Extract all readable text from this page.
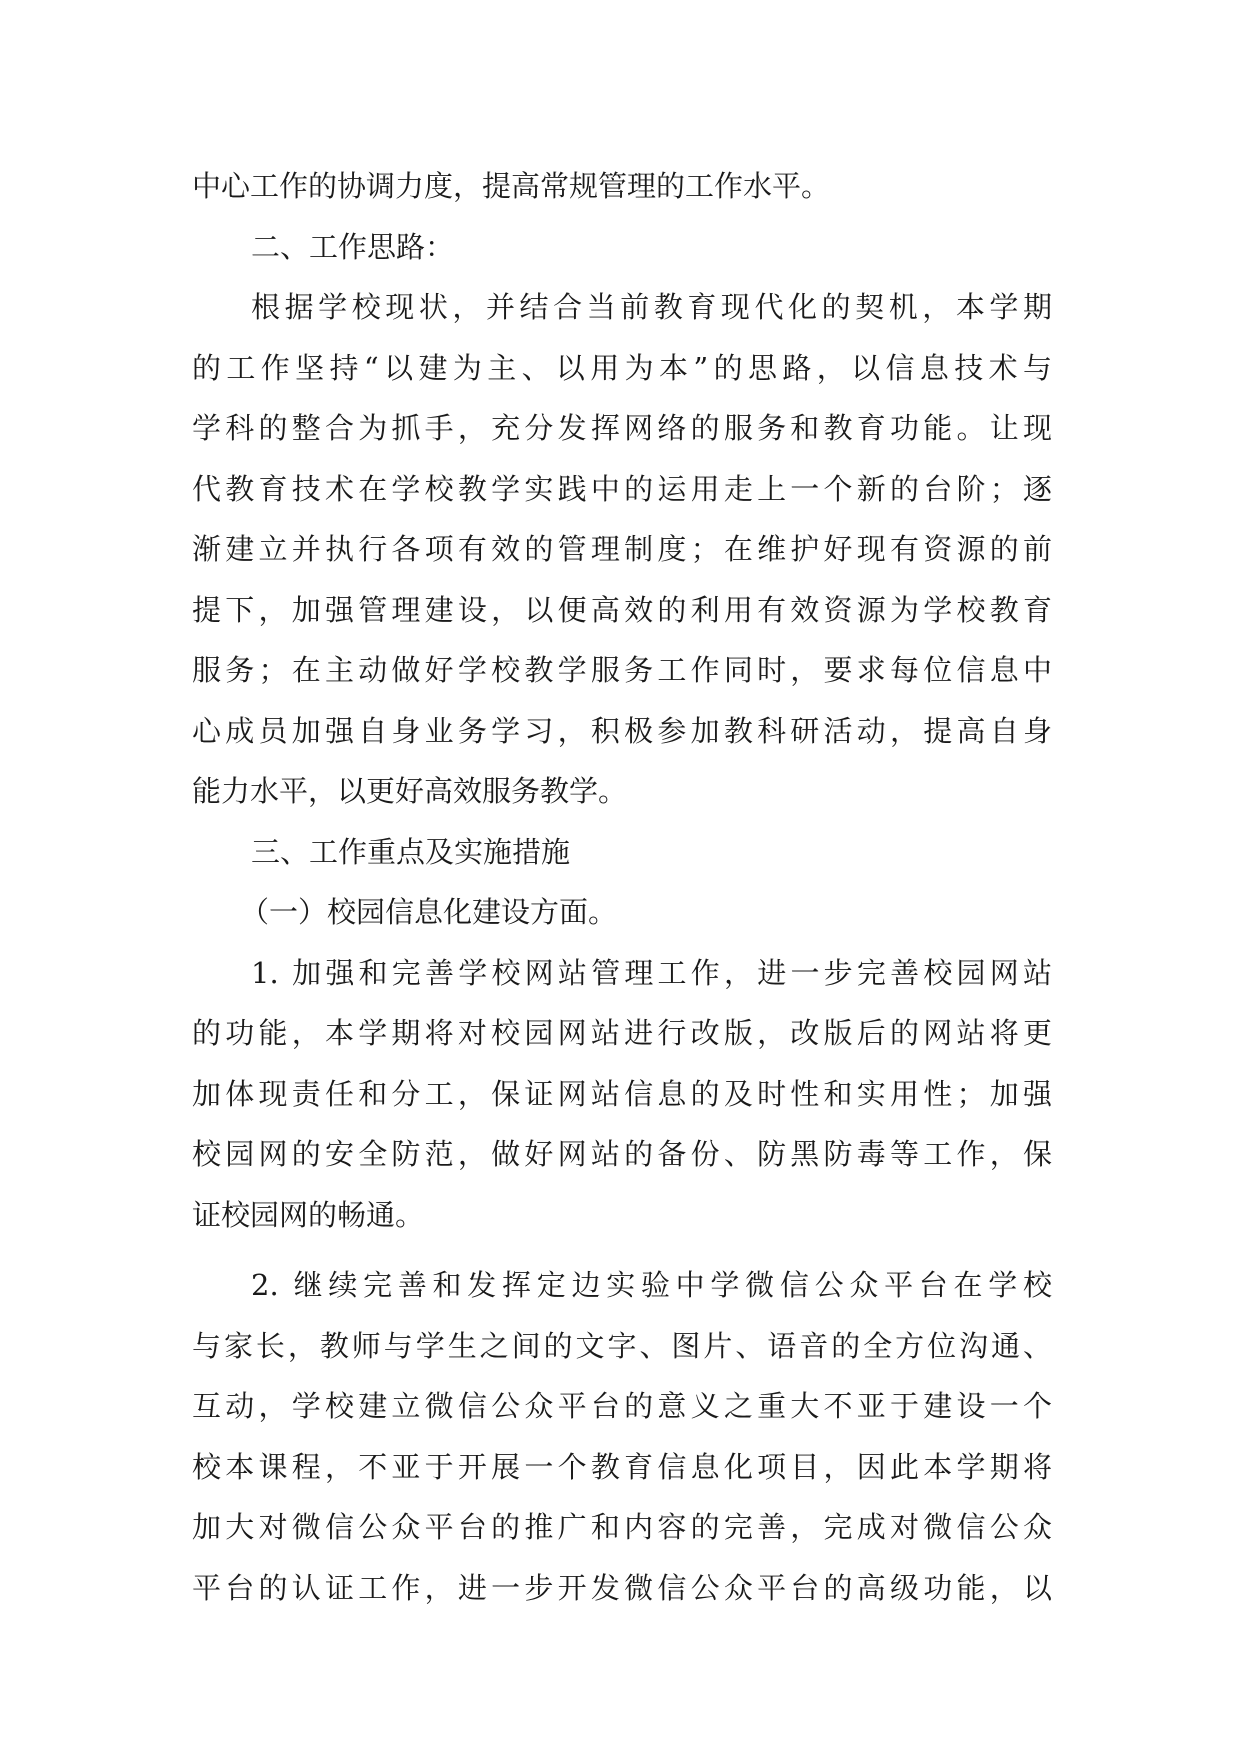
中心工作的协调力度，提高常规管理的工作水平。
二、工作思路：
根据学校现状，并结合当前教育现代化的契机，本学期
的工作坚持“以建为主、以用为本”的思路，以信息技术与
学科的整合为抓手，充分发挥网络的服务和教育功能。让现
代教育技术在学校教学实践中的运用走上一个新的台阶；逐
渐建立并执行各项有效的管理制度；在维护好现有资源的前
提下，加强管理建设，以便高效的利用有效资源为学校教育
服务；在主动做好学校教学服务工作同时，要求每位信息中
心成员加强自身业务学习，积极参加教科研活动，提高自身
能力水平，以更好高效服务教学。
三、工作重点及实施措施
（一）校园信息化建设方面。
1. 加强和完善学校网站管理工作，进一步完善校园网站
的功能，本学期将对校园网站进行改版，改版后的网站将更
加体现责任和分工，保证网站信息的及时性和实用性；加强
校园网的安全防范，做好网站的备份、防黑防毒等工作，保
证校园网的畅通。
2. 继续完善和发挥定边实验中学微信公众平台在学校
与家长，教师与学生之间的文字、图片、语音的全方位沟通、
互动，学校建立微信公众平台的意义之重大不亚于建设一个
校本课程，不亚于开展一个教育信息化项目，因此本学期将
加大对微信公众平台的推广和内容的完善，完成对微信公众
平台的认证工作，进一步开发微信公众平台的高级功能，以
